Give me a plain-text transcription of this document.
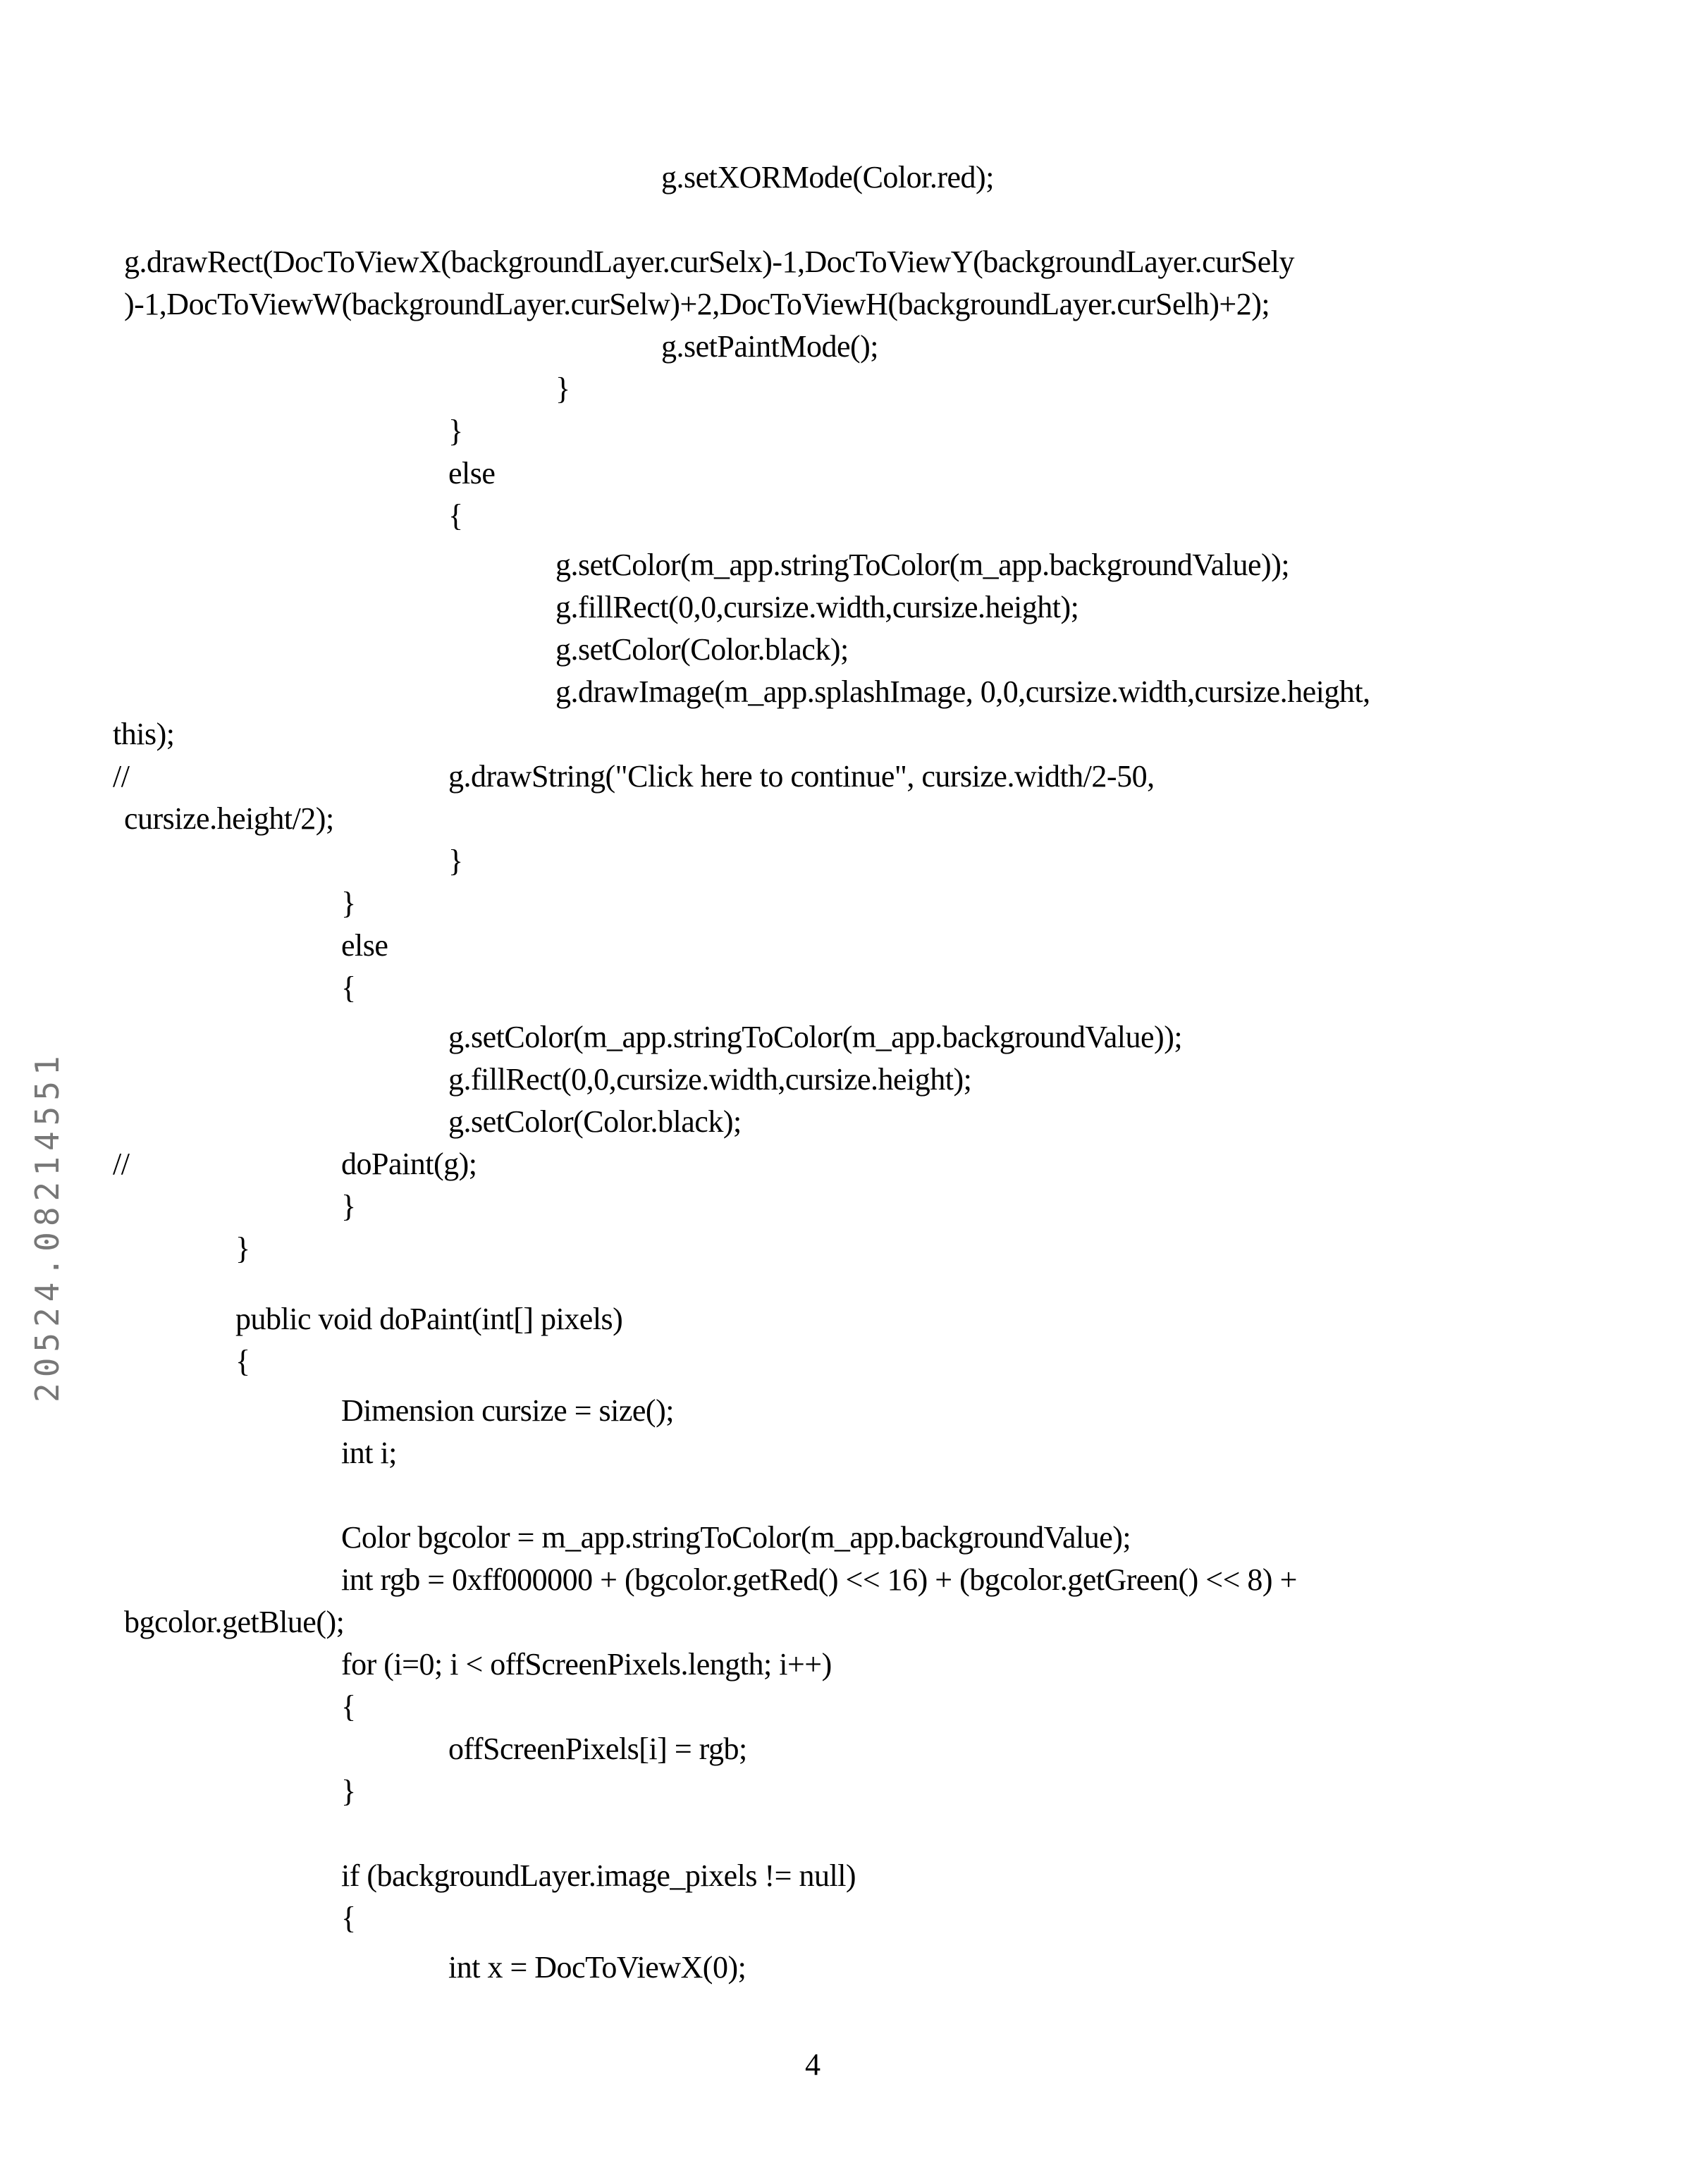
g.setXORMode(Color.red);
g.drawRect(DocToViewX(backgroundLayer.curSelx)-1,DocToViewY(backgroundLayer.curSely
)-1,DocToViewW(backgroundLayer.curSelw)+2,DocToViewH(backgroundLayer.curSelh)+2);
g.setPaintMode();
}
}
else
{
g.setColor(m_app.stringToColor(m_app.backgroundValue));
g.fillRect(0,0,cursize.width,cursize.height);
g.setColor(Color.black);
g.drawImage(m_app.splashImage, 0,0,cursize.width,cursize.height,
this);
//	g.drawString("Click here to continue", cursize.width/2-50,
cursize.height/2);
}
}
else
{
g.setColor(m_app.stringToColor(m_app.backgroundValue));
g.fillRect(0,0,cursize.width,cursize.height);
g.setColor(Color.black);
//	doPaint(g);
}
}
public void doPaint(int[] pixels)
{
Dimension cursize = size();
int i;
Color bgcolor = m_app.stringToColor(m_app.backgroundValue);
int rgb = 0xff000000 + (bgcolor.getRed() << 16) + (bgcolor.getGreen() << 8) +
bgcolor.getBlue();
for (i=0; i < offScreenPixels.length; i++)
{
offScreenPixels[i] = rgb;
}
if (backgroundLayer.image_pixels != null)
{
int x = DocToViewX(0);
20524.08214551
4
